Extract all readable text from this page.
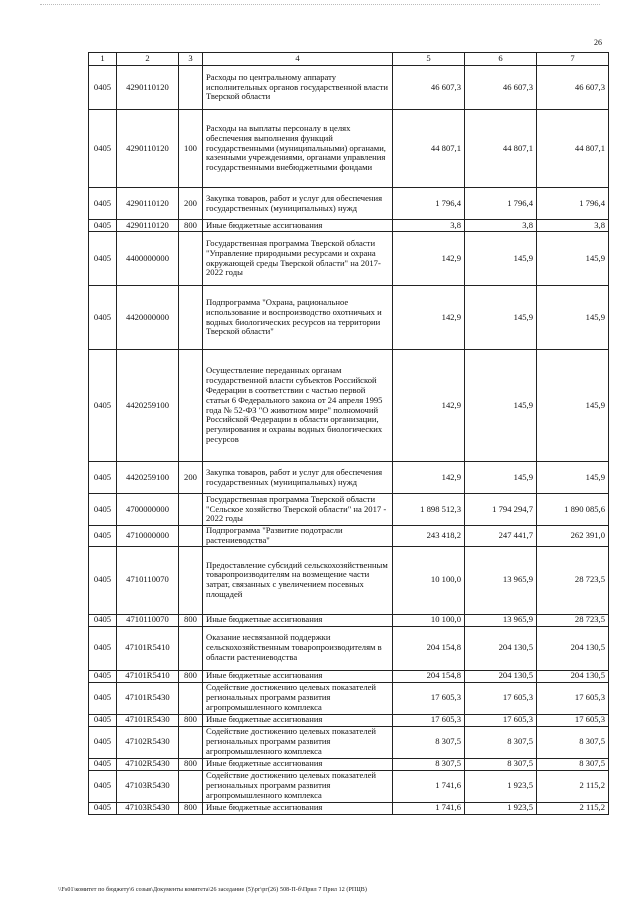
26
1	2	3	4	5	6	7
0405	4290110120		Расходы по центральному аппарату исполнительных органов государственной власти Тверской области	46 607,3	46 607,3	46 607,3
0405	4290110120	100	Расходы на выплаты персоналу в целях обеспечения выполнения функций государственными (муниципальными) органами, казенными учреждениями, органами управления государственными внебюджетными фондами	44 807,1	44 807,1	44 807,1
0405	4290110120	200	Закупка товаров, работ и услуг для обеспечения государственных (муниципальных) нужд	1 796,4	1 796,4	1 796,4
0405	4290110120	800	Иные бюджетные ассигнования	3,8	3,8	3,8
0405	4400000000		Государственная программа Тверской области "Управление природными ресурсами и охрана окружающей среды Тверской области" на 2017-2022 годы	142,9	145,9	145,9
0405	4420000000		Подпрограмма "Охрана, рациональное использование и воспроизводство охотничьих и водных биологических ресурсов на территории Тверской области"	142,9	145,9	145,9
0405	4420259100		Осуществление переданных органам государственной власти субъектов Российской Федерации в соответствии с частью первой статьи 6 Федерального закона от 24 апреля 1995 года № 52-ФЗ "О животном мире" полномочий Российской Федерации в области организации, регулирования и охраны водных биологических ресурсов	142,9	145,9	145,9
0405	4420259100	200	Закупка товаров, работ и услуг для обеспечения государственных (муниципальных) нужд	142,9	145,9	145,9
0405	4700000000		Государственная программа Тверской области "Сельское хозяйство Тверской области" на 2017 - 2022 годы	1 898 512,3	1 794 294,7	1 890 085,6
0405	4710000000		Подпрограмма "Развитие подотрасли растениеводства"	243 418,2	247 441,7	262 391,0
0405	4710110070		Предоставление субсидий сельскохозяйственным товаропроизводителям на возмещение части затрат, связанных с увеличением посевных площадей	10 100,0	13 965,9	28 723,5
0405	4710110070	800	Иные бюджетные ассигнования	10 100,0	13 965,9	28 723,5
0405	47101R5410		Оказание несвязанной поддержки сельскохозяйственным товаропроизводителям в области растениеводства	204 154,8	204 130,5	204 130,5
0405	47101R5410	800	Иные бюджетные ассигнования	204 154,8	204 130,5	204 130,5
0405	47101R5430		Содействие достижению целевых показателей региональных программ развития агропромышленного комплекса	17 605,3	17 605,3	17 605,3
0405	47101R5430	800	Иные бюджетные ассигнования	17 605,3	17 605,3	17 605,3
0405	47102R5430		Содействие достижению целевых показателей региональных программ развития агропромышленного комплекса	8 307,5	8 307,5	8 307,5
0405	47102R5430	800	Иные бюджетные ассигнования	8 307,5	8 307,5	8 307,5
0405	47103R5430		Содействие достижению целевых показателей региональных программ развития агропромышленного комплекса	1 741,6	1 923,5	2 115,2
0405	47103R5430	800	Иные бюджетные ассигнования	1 741,6	1 923,5	2 115,2
\\Fs01\комитет по бюджету\6 созыв\Документы комитета\26 заседание (5)\рг\рг(26) 508-П-б\Прил 7 Прил 12 (РПЦВ)
